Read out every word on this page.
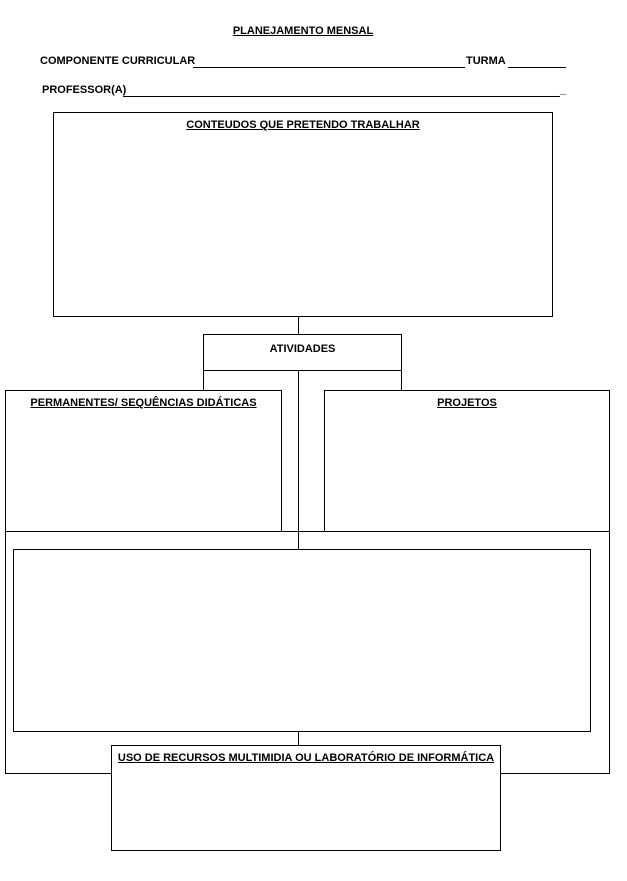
PLANEJAMENTO MENSAL
COMPONENTE CURRICULAR	TURMA
PROFESSOR(A)	_
CONTEUDOS QUE PRETENDO TRABALHAR
ATIVIDADES
PERMANENTES/ SEQUÊNCIAS DIDÁTICAS	PROJETOS
USO DE RECURSOS MULTIMIDIA OU LABORATÓRIO DE INFORMÁTICA
